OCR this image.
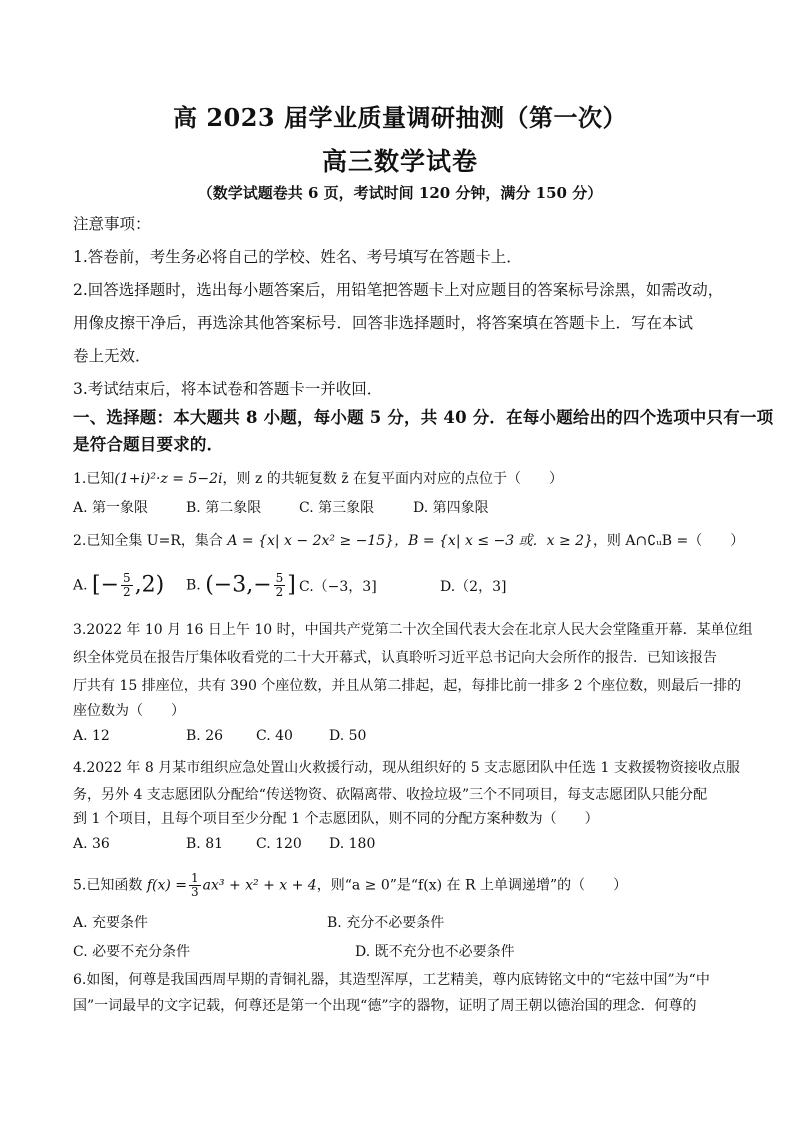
高 2023 届学业质量调研抽测（第一次）
高三数学试卷
（数学试题卷共 6 页，考试时间 120 分钟，满分 150 分）
注意事项：
1.答卷前，考生务必将自己的学校、姓名、考号填写在答题卡上．
2.回答选择题时，选出每小题答案后，用铅笔把答题卡上对应题目的答案标号涂黑，如需改动，
用像皮擦干净后，再选涂其他答案标号．回答非选择题时，将答案填在答题卡上．写在本试
卷上无效．
3.考试结束后，将本试卷和答题卡一并收回．
一、选择题：本大题共 8 小题，每小题 5 分，共 40 分．在每小题给出的四个选项中只有一项
是符合题目要求的．
1.已知(1+i)²·z = 5−2i，则 z 的共轭复数 z̄ 在复平面内对应的点位于（　　）
A. 第一象限	B. 第二象限	C. 第三象限	D. 第四象限
2.已知全集 U=R，集合 A = {x| x − 2x² ≥ −15}，B = {x| x ≤ −3 或．x ≥ 2}，则 A∩∁ᵤB =（　　）
A. [− $\frac{5}{2} ,2$) B. ($-3,- \frac{5}{2}$ ] C.（−3，3]	D.（2，3]
3.2022 年 10 月 16 日上午 10 时，中国共产党第二十次全国代表大会在北京人民大会堂隆重开幕．某单位组
织全体党员在报告厅集体收看党的二十大开幕式，认真聆听习近平总书记向大会所作的报告．已知该报告
厅共有 15 排座位，共有 390 个座位数，并且从第二排起，起，每排比前一排多 2 个座位数，则最后一排的
座位数为（　　）
A. 12	B. 26 C. 40	D. 50
4.2022 年 8 月某市组织应急处置山火救援行动，现从组织好的 5 支志愿团队中任选 1 支救援物资接收点服
务，另外 4 支志愿团队分配给“传送物资、砍隔离带、收捡垃圾”三个不同项目，每支志愿团队只能分配
到 1 个项目，且每个项目至少分配 1 个志愿团队，则不同的分配方案种数为（　　）
A. 36	B. 81 C. 120 D. 180
5.已知函数 $f(x) = \frac{1}{3} ax^3 + x^2 + x + 4$，则“a ≥ 0”是“f(x) 在 R 上单调递增”的（　　）
A. 充要条件	B. 充分不必要条件
C. 必要不充分条件	D. 既不充分也不必要条件
6.如图，何尊是我国西周早期的青铜礼器，其造型浑厚，工艺精美，尊内底铸铭文中的“宅兹中国”为“中
国”一词最早的文字记载，何尊还是第一个出现“德”字的器物，证明了周王朝以德治国的理念．何尊的
